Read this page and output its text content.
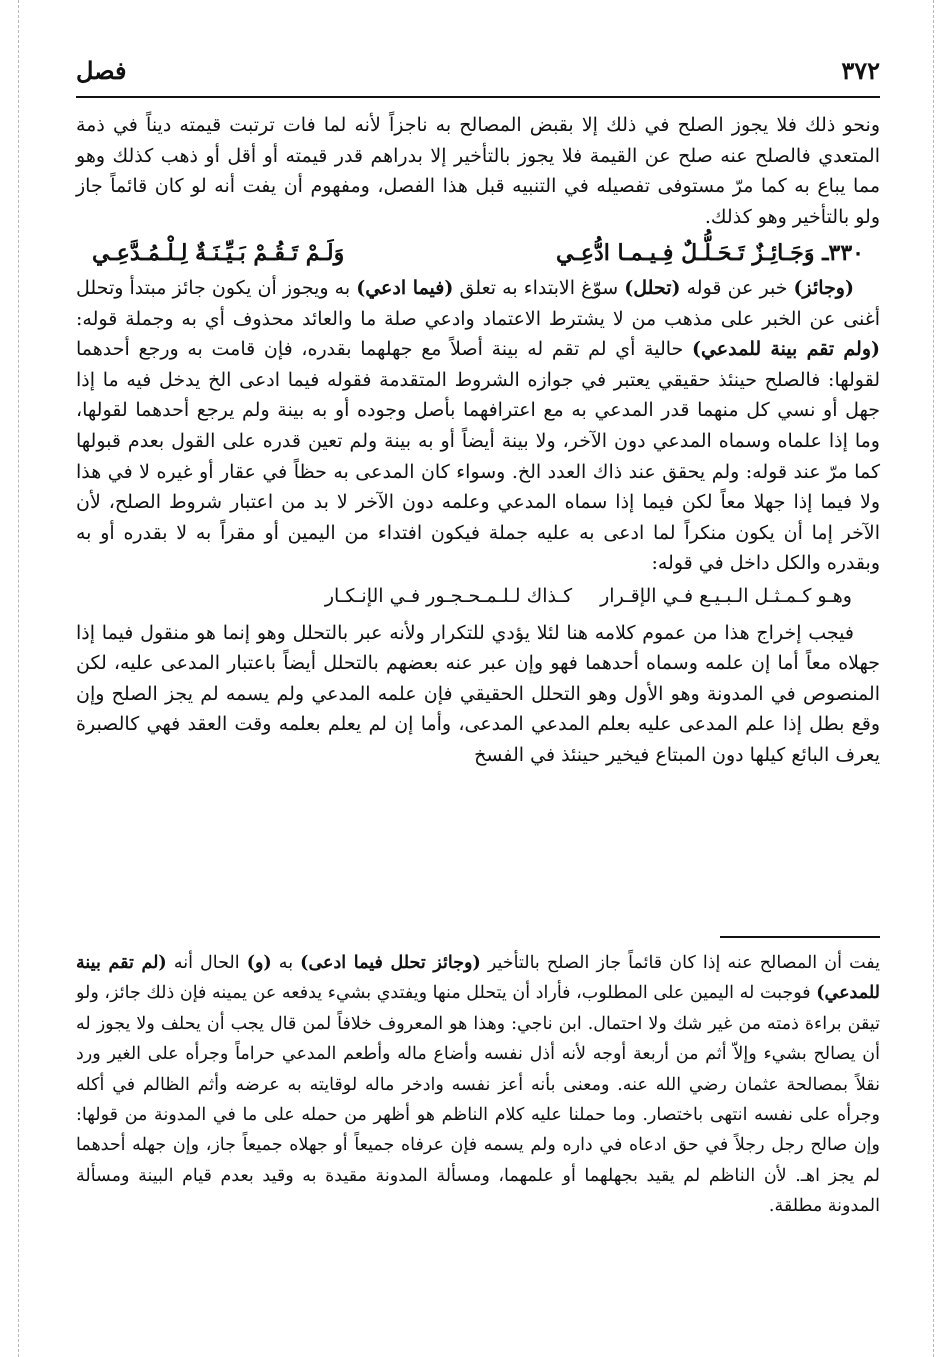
٣٧٢
فصل

ونحو ذلك فلا يجوز الصلح في ذلك إلا بقبض المصالح به ناجزاً لأنه لما فات ترتبت قيمته ديناً في ذمة المتعدي فالصلح عنه صلح عن القيمة فلا يجوز بالتأخير إلا بدراهم قدر قيمته أو أقل أو ذهب كذلك وهو مما يباع به كما مرّ مستوفى تفصيله في التنبيه قبل هذا الفصل، ومفهوم أن يفت أنه لو كان قائماً جاز ولو بالتأخير وهو كذلك.

٣٣٠ـ وَجَـائِـزٌ تَـحَـلُّـلٌ فِـيـمـا ادُّعِـي
وَلَـمْ تَـقُـمْ بَـيِّـنَـةٌ لِـلْـمُـدَّعِـي

(وجائز) خبر عن قوله (تحلل) سوّغ الابتداء به تعلق (فيما ادعي) به ويجوز أن يكون جائز مبتدأ وتحلل أغنى عن الخبر على مذهب من لا يشترط الاعتماد وادعي صلة ما والعائد محذوف أي به وجملة قوله: (ولم تقم بينة للمدعي) حالية أي لم تقم له بينة أصلاً مع جهلهما بقدره، فإن قامت به ورجع أحدهما لقولها: فالصلح حينئذ حقيقي يعتبر في جوازه الشروط المتقدمة فقوله فيما ادعى الخ يدخل فيه ما إذا جهل أو نسي كل منهما قدر المدعي به مع اعترافهما بأصل وجوده أو به بينة ولم يرجع أحدهما لقولها، وما إذا علماه وسماه المدعي دون الآخر، ولا بينة أيضاً أو به بينة ولم تعين قدره على القول بعدم قبولها كما مرّ عند قوله: ولم يحقق عند ذاك العدد الخ. وسواء كان المدعى به حظاً في عقار أو غيره لا في هذا ولا فيما إذا جهلا معاً لكن فيما إذا سماه المدعي وعلمه دون الآخر لا بد من اعتبار شروط الصلح، لأن الآخر إما أن يكون منكراً لما ادعى به عليه جملة فيكون افتداء من اليمين أو مقراً به لا بقدره أو به وبقدره والكل داخل في قوله:

وهـو كـمـثـل الـبـيـع فـي الإقـرار
كـذاك لـلـمـحـجـور فـي الإنـكـار

فيجب إخراج هذا من عموم كلامه هنا لئلا يؤدي للتكرار ولأنه عبر بالتحلل وهو إنما هو منقول فيما إذا جهلاه معاً أما إن علمه وسماه أحدهما فهو وإن عبر عنه بعضهم بالتحلل أيضاً باعتبار المدعى عليه، لكن المنصوص في المدونة وهو الأول وهو التحلل الحقيقي فإن علمه المدعي ولم يسمه لم يجز الصلح وإن وقع بطل إذا علم المدعى عليه بعلم المدعي المدعى، وأما إن لم يعلم بعلمه وقت العقد فهي كالصبرة يعرف البائع كيلها دون المبتاع فيخير حينئذ في الفسخ

يفت أن المصالح عنه إذا كان قائماً جاز الصلح بالتأخير (وجائز تحلل فيما ادعى) به (و) الحال أنه (لم تقم بينة للمدعي) فوجبت له اليمين على المطلوب، فأراد أن يتحلل منها ويفتدي بشيء يدفعه عن يمينه فإن ذلك جائز، ولو تيقن براءة ذمته من غير شك ولا احتمال. ابن ناجي: وهذا هو المعروف خلافاً لمن قال يجب أن يحلف ولا يجوز له أن يصالح بشيء وإلاّ أثم من أربعة أوجه لأنه أذل نفسه وأضاع ماله وأطعم المدعي حراماً وجرأه على الغير ورد نقلاً بمصالحة عثمان رضي الله عنه. ومعنى بأنه أعز نفسه وادخر ماله لوقايته به عرضه وأثم الظالم في أكله وجرأه على نفسه انتهى باختصار. وما حملنا عليه كلام الناظم هو أظهر من حمله على ما في المدونة من قولها: وإن صالح رجل رجلاً في حق ادعاه في داره ولم يسمه فإن عرفاه جميعاً أو جهلاه جميعاً جاز، وإن جهله أحدهما لم يجز اهـ. لأن الناظم لم يقيد بجهلهما أو علمهما، ومسألة المدونة مقيدة به وقيد بعدم قيام البينة ومسألة المدونة مطلقة.
